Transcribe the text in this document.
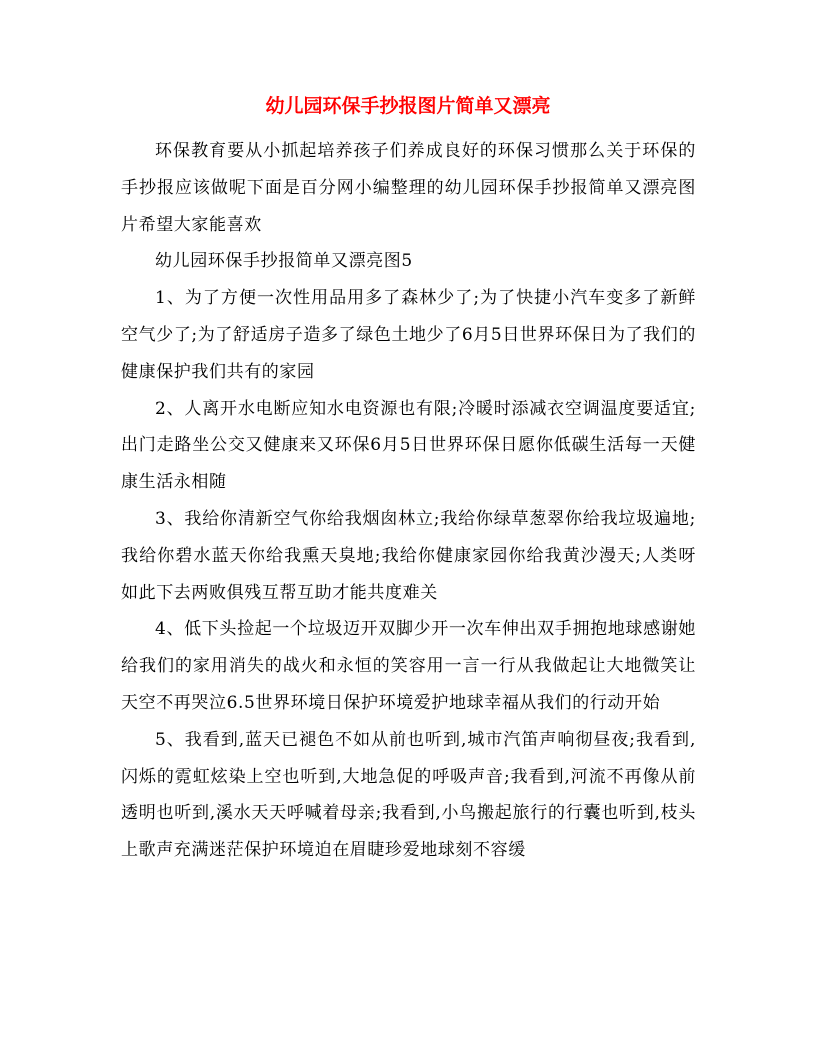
幼儿园环保手抄报图片简单又漂亮

环保教育要从小抓起培养孩子们养成良好的环保习惯那么关于环保的手抄报应该做呢下面是百分网小编整理的幼儿园环保手抄报简单又漂亮图片希望大家能喜欢

幼儿园环保手抄报简单又漂亮图5

1、为了方便一次性用品用多了森林少了;为了快捷小汽车变多了新鲜空气少了;为了舒适房子造多了绿色土地少了6月5日世界环保日为了我们的健康保护我们共有的家园

2、人离开水电断应知水电资源也有限;冷暖时添减衣空调温度要适宜;出门走路坐公交又健康来又环保6月5日世界环保日愿你低碳生活每一天健康生活永相随

3、我给你清新空气你给我烟囱林立;我给你绿草葱翠你给我垃圾遍地;我给你碧水蓝天你给我熏天臭地;我给你健康家园你给我黄沙漫天;人类呀如此下去两败俱残互帮互助才能共度难关

4、低下头捡起一个垃圾迈开双脚少开一次车伸出双手拥抱地球感谢她给我们的家用消失的战火和永恒的笑容用一言一行从我做起让大地微笑让天空不再哭泣6.5世界环境日保护环境爱护地球幸福从我们的行动开始

5、我看到,蓝天已褪色不如从前也听到,城市汽笛声响彻昼夜;我看到,闪烁的霓虹炫染上空也听到,大地急促的呼吸声音;我看到,河流不再像从前透明也听到,溪水天天呼喊着母亲;我看到,小鸟搬起旅行的行囊也听到,枝头上歌声充满迷茫保护环境迫在眉睫珍爱地球刻不容缓
